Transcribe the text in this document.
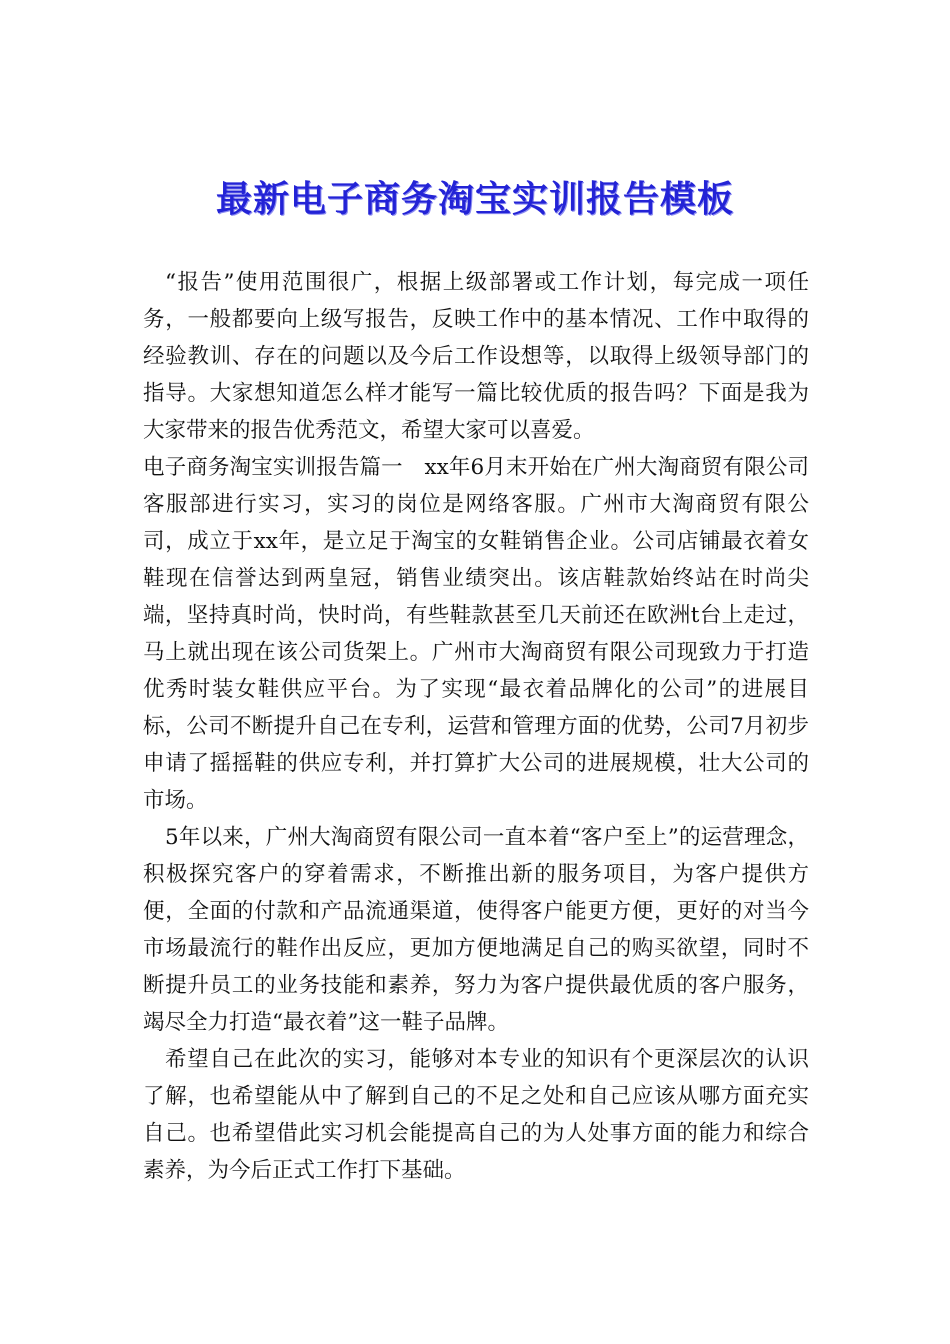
最新电子商务淘宝实训报告模板

“报告”使用范围很广，根据上级部署或工作计划，每完成一项任务，一般都要向上级写报告，反映工作中的基本情况、工作中取得的经验教训、存在的问题以及今后工作设想等，以取得上级领导部门的指导。大家想知道怎么样才能写一篇比较优质的报告吗？下面是我为大家带来的报告优秀范文，希望大家可以喜爱。

电子商务淘宝实训报告篇一　xx年6月末开始在广州大淘商贸有限公司客服部进行实习，实习的岗位是网络客服。广州市大淘商贸有限公司，成立于xx年，是立足于淘宝的女鞋销售企业。公司店铺最衣着女鞋现在信誉达到两皇冠，销售业绩突出。该店鞋款始终站在时尚尖端，坚持真时尚，快时尚，有些鞋款甚至几天前还在欧洲t台上走过，马上就出现在该公司货架上。广州市大淘商贸有限公司现致力于打造优秀时装女鞋供应平台。为了实现“最衣着品牌化的公司”的进展目标，公司不断提升自己在专利，运营和管理方面的优势，公司7月初步申请了摇摇鞋的供应专利，并打算扩大公司的进展规模，壮大公司的市场。

5年以来，广州大淘商贸有限公司一直本着“客户至上”的运营理念，积极探究客户的穿着需求，不断推出新的服务项目，为客户提供方便，全面的付款和产品流通渠道，使得客户能更方便，更好的对当今市场最流行的鞋作出反应，更加方便地满足自己的购买欲望，同时不断提升员工的业务技能和素养，努力为客户提供最优质的客户服务，竭尽全力打造“最衣着”这一鞋子品牌。

希望自己在此次的实习，能够对本专业的知识有个更深层次的认识了解，也希望能从中了解到自己的不足之处和自己应该从哪方面充实自己。也希望借此实习机会能提高自己的为人处事方面的能力和综合素养，为今后正式工作打下基础。
